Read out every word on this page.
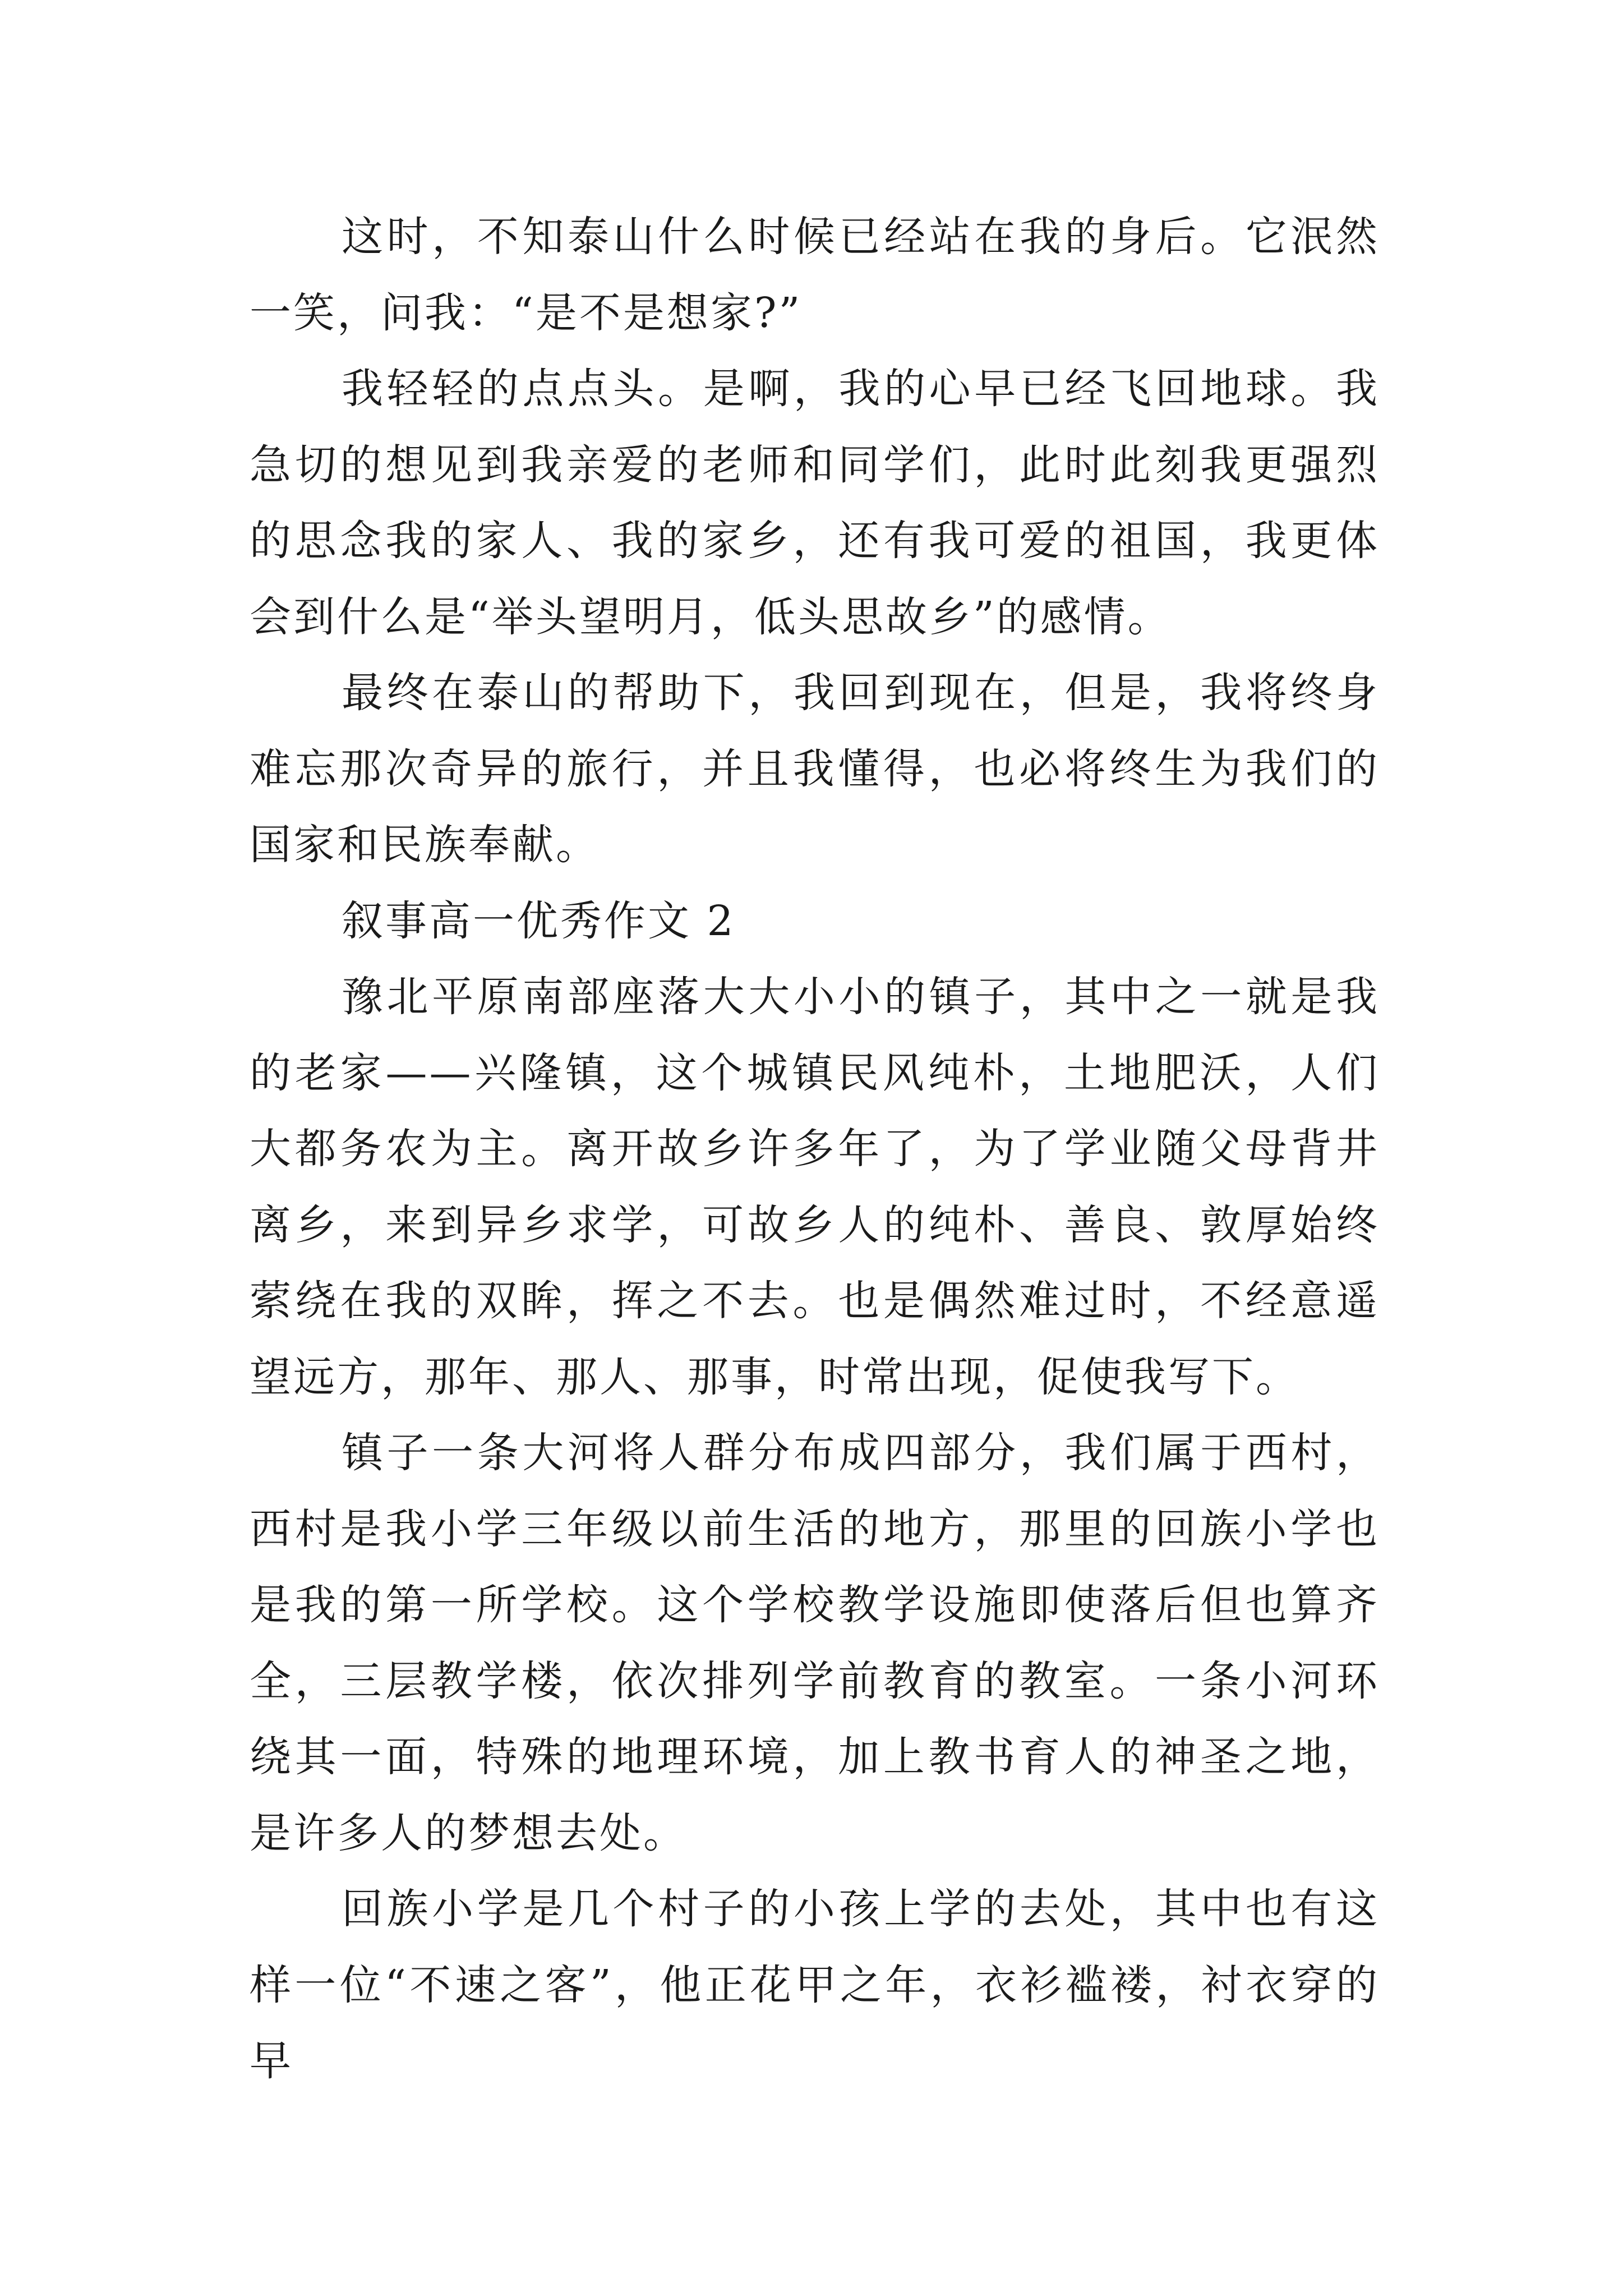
这时，不知泰山什么时候已经站在我的身后。它泯然一笑，问我：“是不是想家?”

我轻轻的点点头。是啊，我的心早已经飞回地球。我急切的想见到我亲爱的老师和同学们，此时此刻我更强烈的思念我的家人、我的家乡，还有我可爱的祖国，我更体会到什么是“举头望明月，低头思故乡”的感情。

最终在泰山的帮助下，我回到现在，但是，我将终身难忘那次奇异的旅行，并且我懂得，也必将终生为我们的国家和民族奉献。

叙事高一优秀作文 2

豫北平原南部座落大大小小的镇子，其中之一就是我的老家——兴隆镇，这个城镇民风纯朴，土地肥沃，人们大都务农为主。离开故乡许多年了，为了学业随父母背井离乡，来到异乡求学，可故乡人的纯朴、善良、敦厚始终萦绕在我的双眸，挥之不去。也是偶然难过时，不经意遥望远方，那年、那人、那事，时常出现，促使我写下。

镇子一条大河将人群分布成四部分，我们属于西村，西村是我小学三年级以前生活的地方，那里的回族小学也是我的第一所学校。这个学校教学设施即使落后但也算齐全，三层教学楼，依次排列学前教育的教室。一条小河环绕其一面，特殊的地理环境，加上教书育人的神圣之地，是许多人的梦想去处。

回族小学是几个村子的小孩上学的去处，其中也有这样一位“不速之客”，他正花甲之年，衣衫褴褛，衬衣穿的早
